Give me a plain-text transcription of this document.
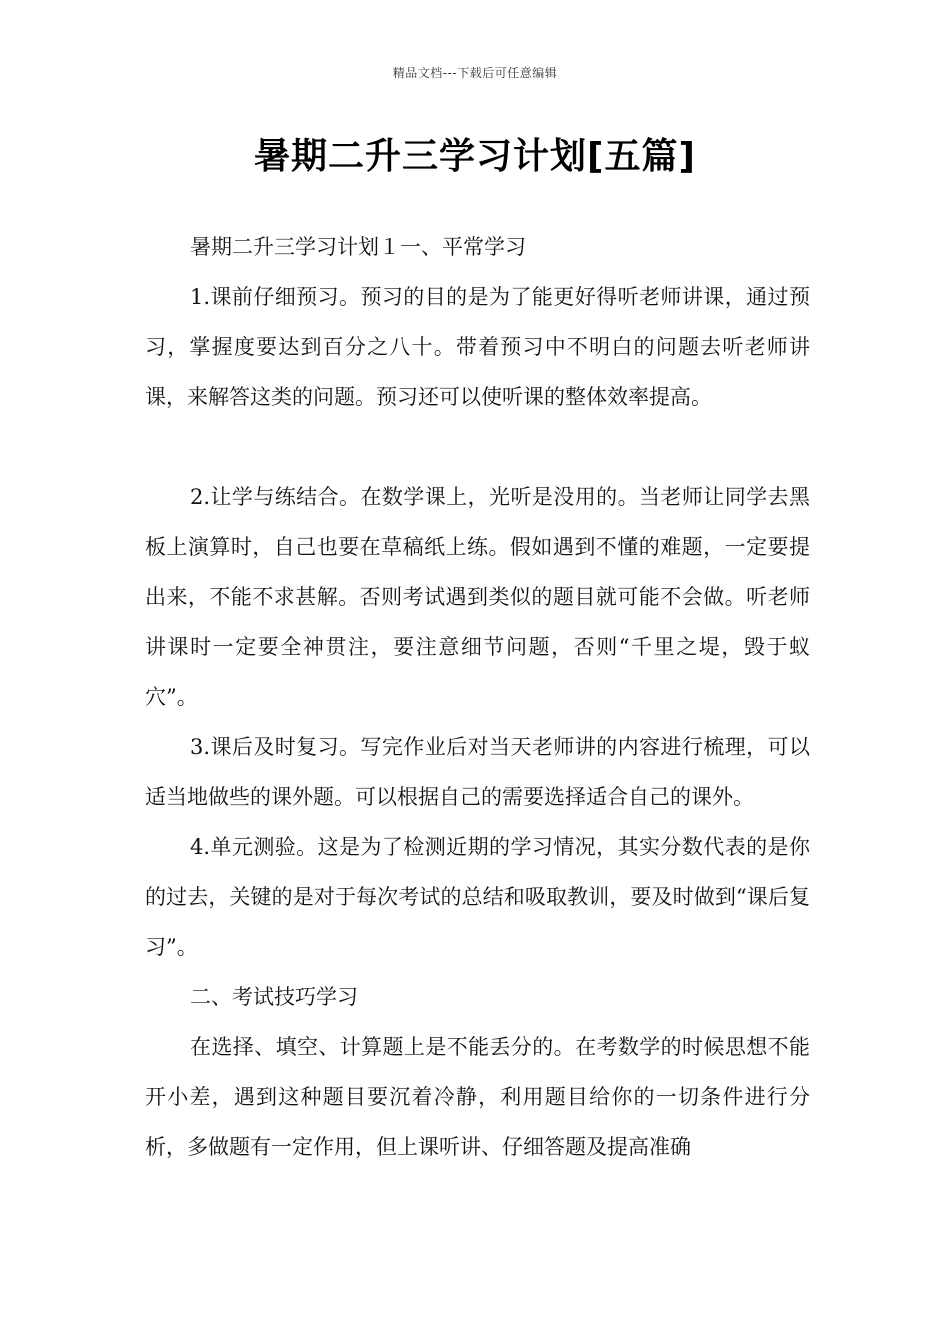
精品文档---下载后可任意编辑
暑期二升三学习计划[五篇]

暑期二升三学习计划１一、平常学习

1.课前仔细预习。预习的目的是为了能更好得听老师讲课，通过预习，掌握度要达到百分之八十。带着预习中不明白的问题去听老师讲课，来解答这类的问题。预习还可以使听课的整体效率提高。

2.让学与练结合。在数学课上，光听是没用的。当老师让同学去黑板上演算时，自己也要在草稿纸上练。假如遇到不懂的难题，一定要提出来，不能不求甚解。否则考试遇到类似的题目就可能不会做。听老师讲课时一定要全神贯注，要注意细节问题，否则“千里之堤，毁于蚁穴”。

3.课后及时复习。写完作业后对当天老师讲的内容进行梳理，可以适当地做些的课外题。可以根据自己的需要选择适合自己的课外。

4.单元测验。这是为了检测近期的学习情况，其实分数代表的是你的过去，关键的是对于每次考试的总结和吸取教训，要及时做到“课后复习”。

二、考试技巧学习

在选择、填空、计算题上是不能丢分的。在考数学的时候思想不能开小差，遇到这种题目要沉着冷静，利用题目给你的一切条件进行分析，多做题有一定作用，但上课听讲、仔细答题及提高准确
